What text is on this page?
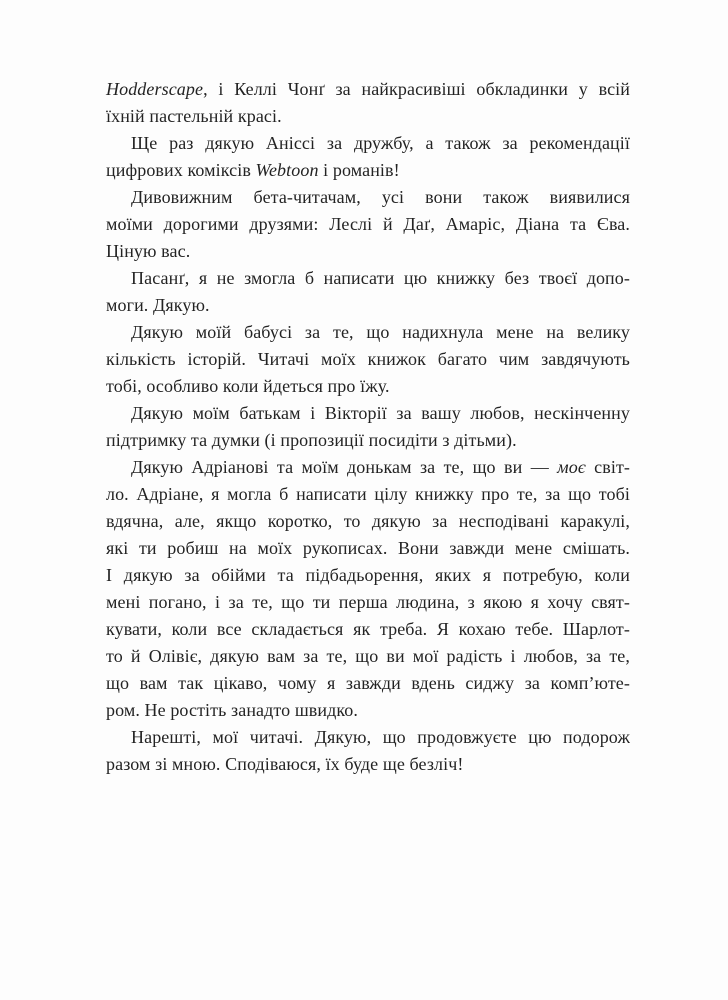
Hodderscape, і Келлі Чонґ за найкрасивіші обкладинки у всій
їхній пастельній красі.
Ще раз дякую Аніссі за дружбу, а також за рекомендації
цифрових коміксів Webtoon і романів!
Дивовижним бета-читачам, усі вони також виявилися
моїми дорогими друзями: Леслі й Даґ, Амаріс, Діана та Єва.
Ціную вас.
Пасанґ, я не змогла б написати цю книжку без твоєї допо-
моги. Дякую.
Дякую моїй бабусі за те, що надихнула мене на велику
кількість історій. Читачі моїх книжок багато чим завдячують
тобі, особливо коли йдеться про їжу.
Дякую моїм батькам і Вікторії за вашу любов, нескінченну
підтримку та думки (і пропозиції посидіти з дітьми).
Дякую Адріанові та моїм донькам за те, що ви — моє світ-
ло. Адріане, я могла б написати цілу книжку про те, за що тобі
вдячна, але, якщо коротко, то дякую за несподівані каракулі,
які ти робиш на моїх рукописах. Вони завжди мене смішать.
І дякую за обійми та підбадьорення, яких я потребую, коли
мені погано, і за те, що ти перша людина, з якою я хочу свят-
кувати, коли все складається як треба. Я кохаю тебе. Шарлот-
то й Олівіє, дякую вам за те, що ви мої радість і любов, за те,
що вам так цікаво, чому я завжди вдень сиджу за комп’юте-
ром. Не ростіть занадто швидко.
Нарешті, мої читачі. Дякую, що продовжуєте цю подорож
разом зі мною. Сподіваюся, їх буде ще безліч!
